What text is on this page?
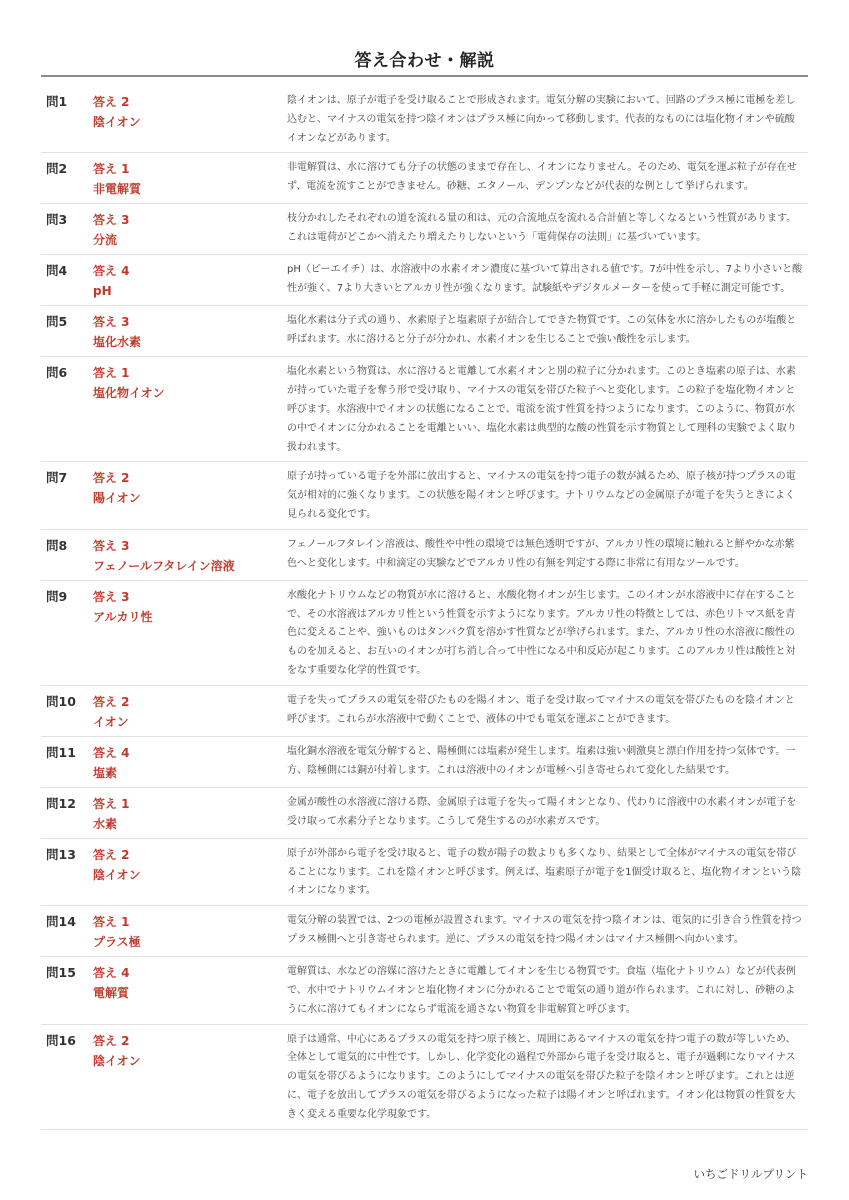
答え合わせ・解説
問1	答え 2
陰イオン
陰イオンは、原子が電子を受け取ることで形成されます。電気分解の実験において、回路のプラス極に電極を差し込むと、マイナスの電気を持つ陰イオンはプラス極に向かって移動します。代表的なものには塩化物イオンや硫酸イオンなどがあります。
問2	答え 1
非電解質
非電解質は、水に溶けても分子の状態のままで存在し、イオンになりません。そのため、電気を運ぶ粒子が存在せず、電流を流すことができません。砂糖、エタノール、デンプンなどが代表的な例として挙げられます。
問3	答え 3
分流
枝分かれしたそれぞれの道を流れる量の和は、元の合流地点を流れる合計値と等しくなるという性質があります。これは電荷がどこかへ消えたり増えたりしないという「電荷保存の法則」に基づいています。
問4	答え 4
pH
pH（ピーエイチ）は、水溶液中の水素イオン濃度に基づいて算出される値です。7が中性を示し、7より小さいと酸性が強く、7より大きいとアルカリ性が強くなります。試験紙やデジタルメーターを使って手軽に測定可能です。
問5	答え 3
塩化水素
塩化水素は分子式の通り、水素原子と塩素原子が結合してできた物質です。この気体を水に溶かしたものが塩酸と呼ばれます。水に溶けると分子が分かれ、水素イオンを生じることで強い酸性を示します。
問6	答え 1
塩化物イオン
塩化水素という物質は、水に溶けると電離して水素イオンと別の粒子に分かれます。このとき塩素の原子は、水素が持っていた電子を奪う形で受け取り、マイナスの電気を帯びた粒子へと変化します。この粒子を塩化物イオンと呼びます。水溶液中でイオンの状態になることで、電流を流す性質を持つようになります。このように、物質が水の中でイオンに分かれることを電離といい、塩化水素は典型的な酸の性質を示す物質として理科の実験でよく取り扱われます。
問7	答え 2
陽イオン
原子が持っている電子を外部に放出すると、マイナスの電気を持つ電子の数が減るため、原子核が持つプラスの電気が相対的に強くなります。この状態を陽イオンと呼びます。ナトリウムなどの金属原子が電子を失うときによく見られる変化です。
問8	答え 3
フェノールフタレイン溶液
フェノールフタレイン溶液は、酸性や中性の環境では無色透明ですが、アルカリ性の環境に触れると鮮やかな赤紫色へと変化します。中和滴定の実験などでアルカリ性の有無を判定する際に非常に有用なツールです。
問9	答え 3
アルカリ性
水酸化ナトリウムなどの物質が水に溶けると、水酸化物イオンが生じます。このイオンが水溶液中に存在することで、その水溶液はアルカリ性という性質を示すようになります。アルカリ性の特徴としては、赤色リトマス紙を青色に変えることや、強いものはタンパク質を溶かす性質などが挙げられます。また、アルカリ性の水溶液に酸性のものを加えると、お互いのイオンが打ち消し合って中性になる中和反応が起こります。このアルカリ性は酸性と対をなす重要な化学的性質です。
問10	答え 2
イオン
電子を失ってプラスの電気を帯びたものを陽イオン、電子を受け取ってマイナスの電気を帯びたものを陰イオンと呼びます。これらが水溶液中で動くことで、液体の中でも電気を運ぶことができます。
問11	答え 4
塩素
塩化銅水溶液を電気分解すると、陽極側には塩素が発生します。塩素は強い刺激臭と漂白作用を持つ気体です。一方、陰極側には銅が付着します。これは溶液中のイオンが電極へ引き寄せられて変化した結果です。
問12	答え 1
水素
金属が酸性の水溶液に溶ける際、金属原子は電子を失って陽イオンとなり、代わりに溶液中の水素イオンが電子を受け取って水素分子となります。こうして発生するのが水素ガスです。
問13	答え 2
陰イオン
原子が外部から電子を受け取ると、電子の数が陽子の数よりも多くなり、結果として全体がマイナスの電気を帯びることになります。これを陰イオンと呼びます。例えば、塩素原子が電子を1個受け取ると、塩化物イオンという陰イオンになります。
問14	答え 1
プラス極
電気分解の装置では、2つの電極が設置されます。マイナスの電気を持つ陰イオンは、電気的に引き合う性質を持つプラス極側へと引き寄せられます。逆に、プラスの電気を持つ陽イオンはマイナス極側へ向かいます。
問15	答え 4
電解質
電解質は、水などの溶媒に溶けたときに電離してイオンを生じる物質です。食塩（塩化ナトリウム）などが代表例で、水中でナトリウムイオンと塩化物イオンに分かれることで電気の通り道が作られます。これに対し、砂糖のように水に溶けてもイオンにならず電流を通さない物質を非電解質と呼びます。
問16	答え 2
陰イオン
原子は通常、中心にあるプラスの電気を持つ原子核と、周囲にあるマイナスの電気を持つ電子の数が等しいため、全体として電気的に中性です。しかし、化学変化の過程で外部から電子を受け取ると、電子が過剰になりマイナスの電気を帯びるようになります。このようにしてマイナスの電気を帯びた粒子を陰イオンと呼びます。これとは逆に、電子を放出してプラスの電気を帯びるようになった粒子は陽イオンと呼ばれます。イオン化は物質の性質を大きく変える重要な化学現象です。
いちごドリルプリント
